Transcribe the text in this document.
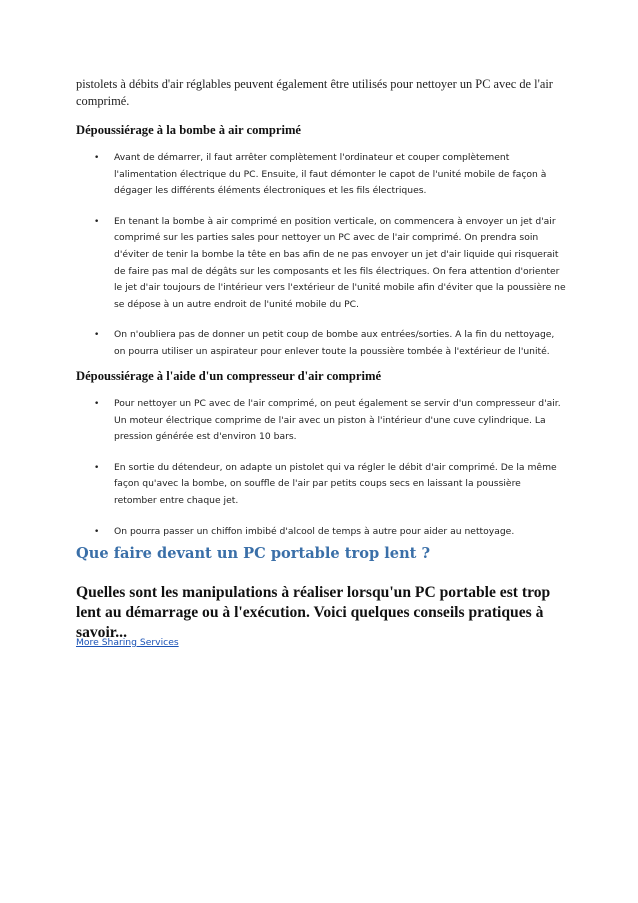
pistolets à débits d'air réglables peuvent également être utilisés pour nettoyer un PC avec de l'air comprimé.

Dépoussiérage à la bombe à air comprimé
• Avant de démarrer, il faut arrêter complètement l'ordinateur et couper complètement l'alimentation électrique du PC. Ensuite, il faut démonter le capot de l'unité mobile de façon à dégager les différents éléments électroniques et les fils électriques.
• En tenant la bombe à air comprimé en position verticale, on commencera à envoyer un jet d'air comprimé sur les parties sales pour nettoyer un PC avec de l'air comprimé. On prendra soin d'éviter de tenir la bombe la tête en bas afin de ne pas envoyer un jet d'air liquide qui risquerait de faire pas mal de dégâts sur les composants et les fils électriques. On fera attention d'orienter le jet d'air toujours de l'intérieur vers l'extérieur de l'unité mobile afin d'éviter que la poussière ne se dépose à un autre endroit de l'unité mobile du PC.
• On n'oubliera pas de donner un petit coup de bombe aux entrées/sorties. A la fin du nettoyage, on pourra utiliser un aspirateur pour enlever toute la poussière tombée à l'extérieur de l'unité.
Dépoussiérage à l'aide d'un compresseur d'air comprimé
• Pour nettoyer un PC avec de l'air comprimé, on peut également se servir d'un compresseur d'air. Un moteur électrique comprime de l'air avec un piston à l'intérieur d'une cuve cylindrique. La pression générée est d'environ 10 bars.
• En sortie du détendeur, on adapte un pistolet qui va régler le débit d'air comprimé. De la même façon qu'avec la bombe, on souffle de l'air par petits coups secs en laissant la poussière retomber entre chaque jet.
• On pourra passer un chiffon imbibé d'alcool de temps à autre pour aider au nettoyage.
Que faire devant un PC portable trop lent ?
Quelles sont les manipulations à réaliser lorsqu'un PC portable est trop lent au démarrage ou à l'exécution. Voici quelques conseils pratiques à savoir...
More Sharing Services
